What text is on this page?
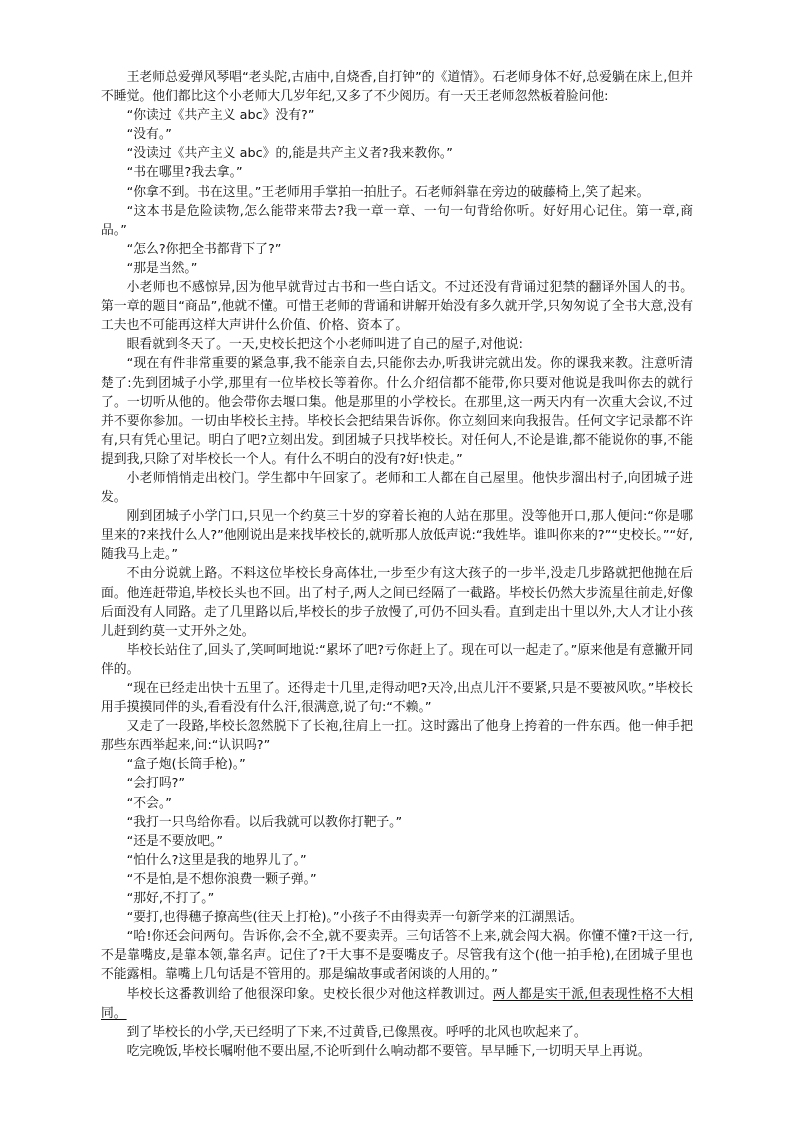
王老师总爱弹风琴唱“老头陀,古庙中,自烧香,自打钟”的《道情》。石老师身体不好,总爱躺在床上,但并不睡觉。他们都比这个小老师大几岁年纪,又多了不少阅历。有一天王老师忽然板着脸问他:

“你读过《共产主义 abc》没有?”

“没有。”

“没读过《共产主义 abc》的,能是共产主义者?我来教你。”

“书在哪里?我去拿。”

“你拿不到。书在这里。”王老师用手掌拍一拍肚子。石老师斜靠在旁边的破藤椅上,笑了起来。

“这本书是危险读物,怎么能带来带去?我一章一章、一句一句背给你听。好好用心记住。第一章,商品。”

“怎么?你把全书都背下了?”

“那是当然。”

小老师也不感惊异,因为他早就背过古书和一些白话文。不过还没有背诵过犯禁的翻译外国人的书。第一章的题目“商品”,他就不懂。可惜王老师的背诵和讲解开始没有多久就开学,只匆匆说了全书大意,没有工夫也不可能再这样大声讲什么价值、价格、资本了。

眼看就到冬天了。一天,史校长把这个小老师叫进了自己的屋子,对他说:

“现在有件非常重要的紧急事,我不能亲自去,只能你去办,听我讲完就出发。你的课我来教。注意听清楚了:先到团城子小学,那里有一位毕校长等着你。什么介绍信都不能带,你只要对他说是我叫你去的就行了。一切听从他的。他会带你去堰口集。他是那里的小学校长。在那里,这一两天内有一次重大会议,不过并不要你参加。一切由毕校长主持。毕校长会把结果告诉你。你立刻回来向我报告。任何文字记录都不许有,只有凭心里记。明白了吧?立刻出发。到团城子只找毕校长。对任何人,不论是谁,都不能说你的事,不能提到我,只除了对毕校长一个人。有什么不明白的没有?好!快走。”

小老师悄悄走出校门。学生都中午回家了。老师和工人都在自己屋里。他快步溜出村子,向团城子进发。

刚到团城子小学门口,只见一个约莫三十岁的穿着长袍的人站在那里。没等他开口,那人便问:“你是哪里来的?来找什么人?”他刚说出是来找毕校长的,就听那人放低声说:“我姓毕。谁叫你来的?”“史校长。”“好,随我马上走。”

不由分说就上路。不料这位毕校长身高体壮,一步至少有这大孩子的一步半,没走几步路就把他抛在后面。他连赶带追,毕校长头也不回。出了村子,两人之间已经隔了一截路。毕校长仍然大步流星往前走,好像后面没有人同路。走了几里路以后,毕校长的步子放慢了,可仍不回头看。直到走出十里以外,大人才让小孩儿赶到约莫一丈开外之处。

毕校长站住了,回头了,笑呵呵地说:“累坏了吧?亏你赶上了。现在可以一起走了。”原来他是有意撇开同伴的。

“现在已经走出快十五里了。还得走十几里,走得动吧?天冷,出点儿汗不要紧,只是不要被风吹。”毕校长用手摸摸同伴的头,看看没有什么汗,很满意,说了句:“不赖。”

又走了一段路,毕校长忽然脱下了长袍,往肩上一扛。这时露出了他身上挎着的一件东西。他一伸手把那些东西举起来,问:“认识吗?”

“盒子炮(长筒手枪)。”

“会打吗?”

“不会。”

“我打一只鸟给你看。以后我就可以教你打靶子。”

“还是不要放吧。”

“怕什么?这里是我的地界儿了。”

“不是怕,是不想你浪费一颗子弹。”

“那好,不打了。”

“要打,也得穗子撩高些(往天上打枪)。”小孩子不由得卖弄一句新学来的江湖黑话。

“哈!你还会问两句。告诉你,会不全,就不要卖弄。三句话答不上来,就会闯大祸。你懂不懂?干这一行,不是靠嘴皮,是靠本领,靠名声。记住了?干大事不是耍嘴皮子。尽管我有这个(他一拍手枪),在团城子里也不能露相。靠嘴上几句话是不管用的。那是编故事或者闲谈的人用的。”

毕校长这番教训给了他很深印象。史校长很少对他这样教训过。两人都是实干派,但表现性格不大相同。

到了毕校长的小学,天已经明了下来,不过黄昏,已像黑夜。呼呼的北风也吹起来了。

吃完晚饭,毕校长嘱咐他不要出屋,不论听到什么响动都不要管。早早睡下,一切明天早上再说。
